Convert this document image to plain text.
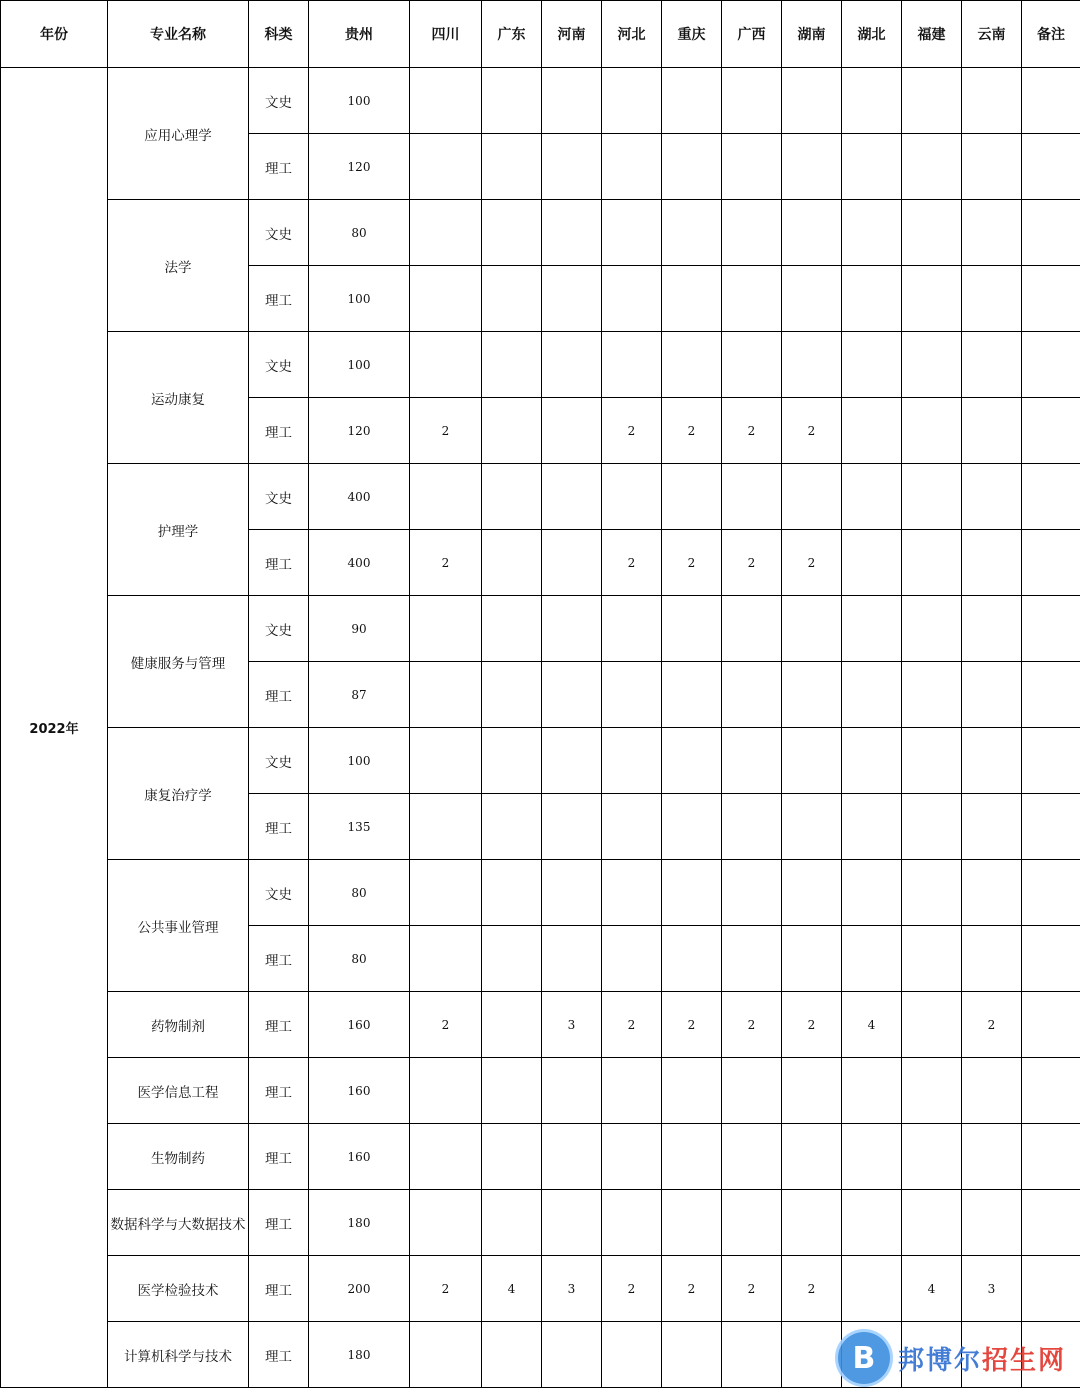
年份	专业名称	科类	贵州	四川	广东	河南	河北	重庆	广西	湖南	湖北	福建	云南	备注
2022年	应用心理学	文史	100											
		理工	120											
	法学	文史	80											
		理工	100											
	运动康复	文史	100											
		理工	120	2			2	2	2	2				
	护理学	文史	400											
		理工	400	2			2	2	2	2				
	健康服务与管理	文史	90											
		理工	87											
	康复治疗学	文史	100											
		理工	135											
	公共事业管理	文史	80											
		理工	80											
	药物制剂	理工	160	2		3	2	2	2	2	4		2	
	医学信息工程	理工	160											
	生物制药	理工	160											
	数据科学与大数据技术	理工	180											
	医学检验技术	理工	200	2	4	3	2	2	2	2		4	3	
	计算机科学与技术	理工	180												B 邦博尔招生网
